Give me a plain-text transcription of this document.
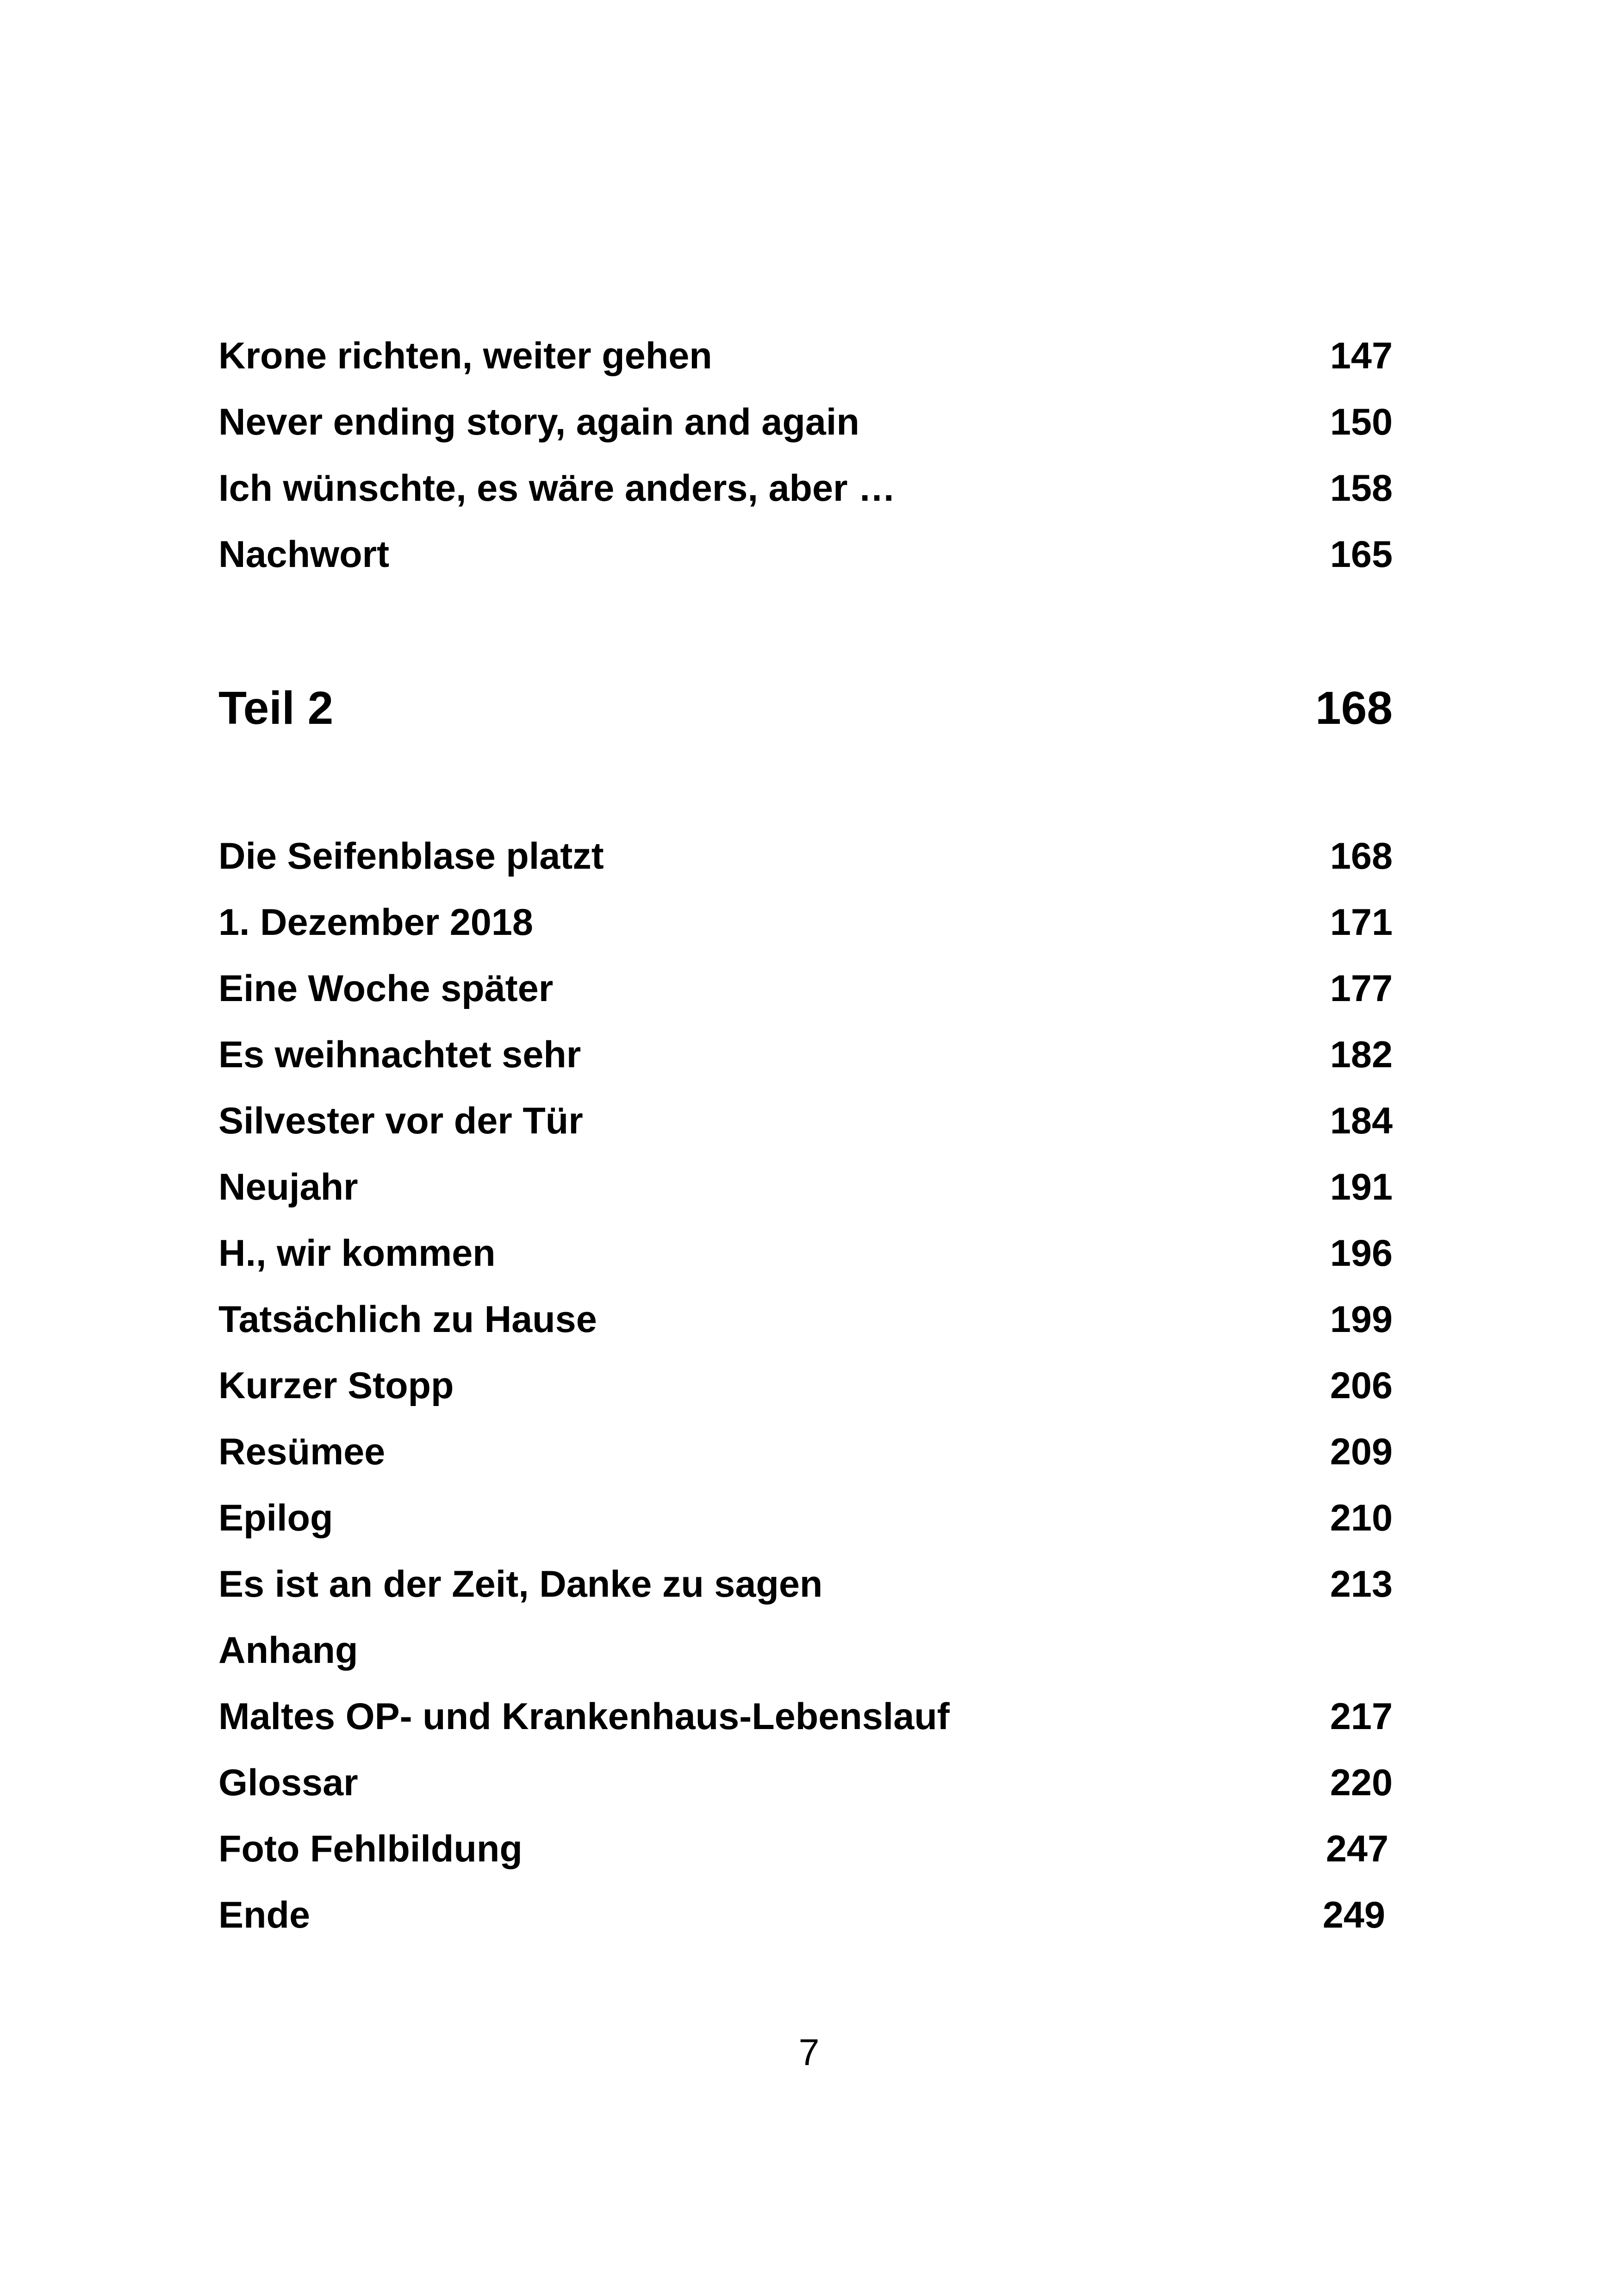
Krone richten, weiter gehen	147
Never ending story, again and again	150
Ich wünschte, es wäre anders, aber …	158
Nachwort	165
Teil 2	168
Die Seifenblase platzt	168
1. Dezember 2018	171
Eine Woche später	177
Es weihnachtet sehr	182
Silvester vor der Tür	184
Neujahr	191
H., wir kommen	196
Tatsächlich zu Hause	199
Kurzer Stopp	206
Resümee	209
Epilog	210
Es ist an der Zeit, Danke zu sagen	213
Anhang
Maltes OP- und Krankenhaus-Lebenslauf	217
Glossar	220
Foto Fehlbildung	247
Ende	249
7
